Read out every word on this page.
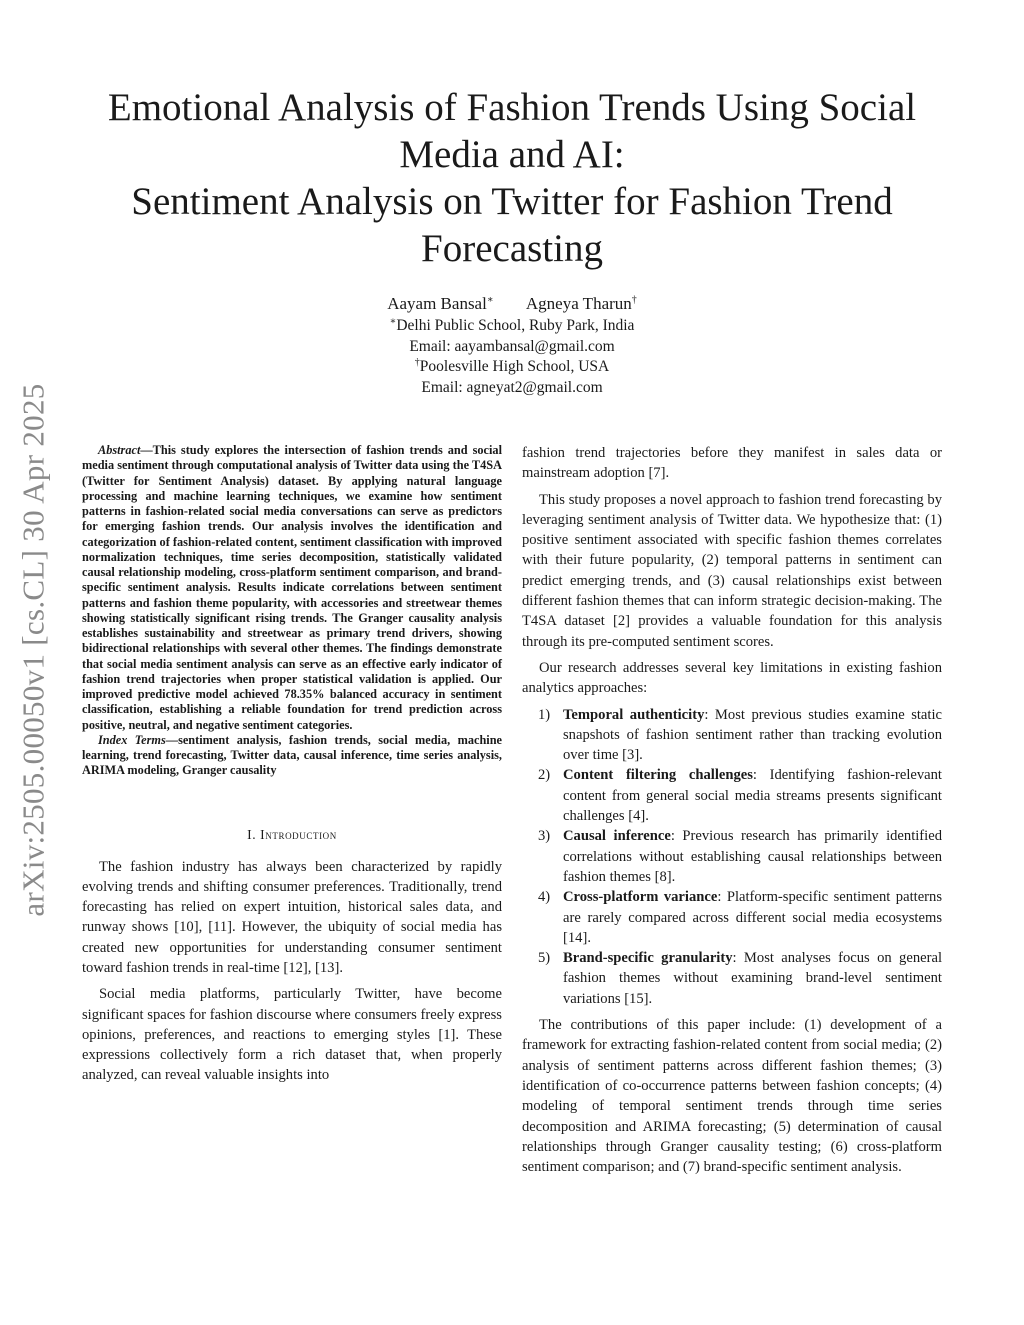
arXiv:2505.00050v1 [cs.CL] 30 Apr 2025
Emotional Analysis of Fashion Trends Using Social
Media and AI:
Sentiment Analysis on Twitter for Fashion Trend
Forecasting
Aayam Bansal∗ Agneya Tharun†
∗Delhi Public School, Ruby Park, India
Email: aayambansal@gmail.com
†Poolesville High School, USA
Email: agneyat2@gmail.com

Abstract—This study explores the intersection of fashion trends and social media sentiment through computational analysis of Twitter data using the T4SA (Twitter for Sentiment Analysis) dataset. By applying natural language processing and machine learning techniques, we examine how sentiment patterns in fashion-related social media conversations can serve as predictors for emerging fashion trends. Our analysis involves the identification and categorization of fashion-related content, sentiment classification with improved normalization techniques, time series decomposition, statistically validated causal relationship modeling, cross-platform sentiment comparison, and brand-specific sentiment analysis. Results indicate correlations between sentiment patterns and fashion theme popularity, with accessories and streetwear themes showing statistically significant rising trends. The Granger causality analysis establishes sustainability and streetwear as primary trend drivers, showing bidirectional relationships with several other themes. The findings demonstrate that social media sentiment analysis can serve as an effective early indicator of fashion trend trajectories when proper statistical validation is applied. Our improved predictive model achieved 78.35% balanced accuracy in sentiment classification, establishing a reliable foundation for trend prediction across positive, neutral, and negative sentiment categories.

Index Terms—sentiment analysis, fashion trends, social media, machine learning, trend forecasting, Twitter data, causal inference, time series analysis, ARIMA modeling, Granger causality

I. Introduction

The fashion industry has always been characterized by rapidly evolving trends and shifting consumer preferences. Traditionally, trend forecasting has relied on expert intuition, historical sales data, and runway shows [10], [11]. However, the ubiquity of social media has created new opportunities for understanding consumer sentiment toward fashion trends in real-time [12], [13].

Social media platforms, particularly Twitter, have become significant spaces for fashion discourse where consumers freely express opinions, preferences, and reactions to emerging styles [1]. These expressions collectively form a rich dataset that, when properly analyzed, can reveal valuable insights into

fashion trend trajectories before they manifest in sales data or mainstream adoption [7].

This study proposes a novel approach to fashion trend forecasting by leveraging sentiment analysis of Twitter data. We hypothesize that: (1) positive sentiment associated with specific fashion themes correlates with their future popularity, (2) temporal patterns in sentiment can predict emerging trends, and (3) causal relationships exist between different fashion themes that can inform strategic decision-making. The T4SA dataset [2] provides a valuable foundation for this analysis through its pre-computed sentiment scores.

Our research addresses several key limitations in existing fashion analytics approaches:

1) Temporal authenticity: Most previous studies examine static snapshots of fashion sentiment rather than tracking evolution over time [3].
2) Content filtering challenges: Identifying fashion-relevant content from general social media streams presents significant challenges [4].
3) Causal inference: Previous research has primarily identified correlations without establishing causal relationships between fashion themes [8].
4) Cross-platform variance: Platform-specific sentiment patterns are rarely compared across different social media ecosystems [14].
5) Brand-specific granularity: Most analyses focus on general fashion themes without examining brand-level sentiment variations [15].

The contributions of this paper include: (1) development of a framework for extracting fashion-related content from social media; (2) analysis of sentiment patterns across different fashion themes; (3) identification of co-occurrence patterns between fashion concepts; (4) modeling of temporal sentiment trends through time series decomposition and ARIMA forecasting; (5) determination of causal relationships through Granger causality testing; (6) cross-platform sentiment comparison; and (7) brand-specific sentiment analysis.
